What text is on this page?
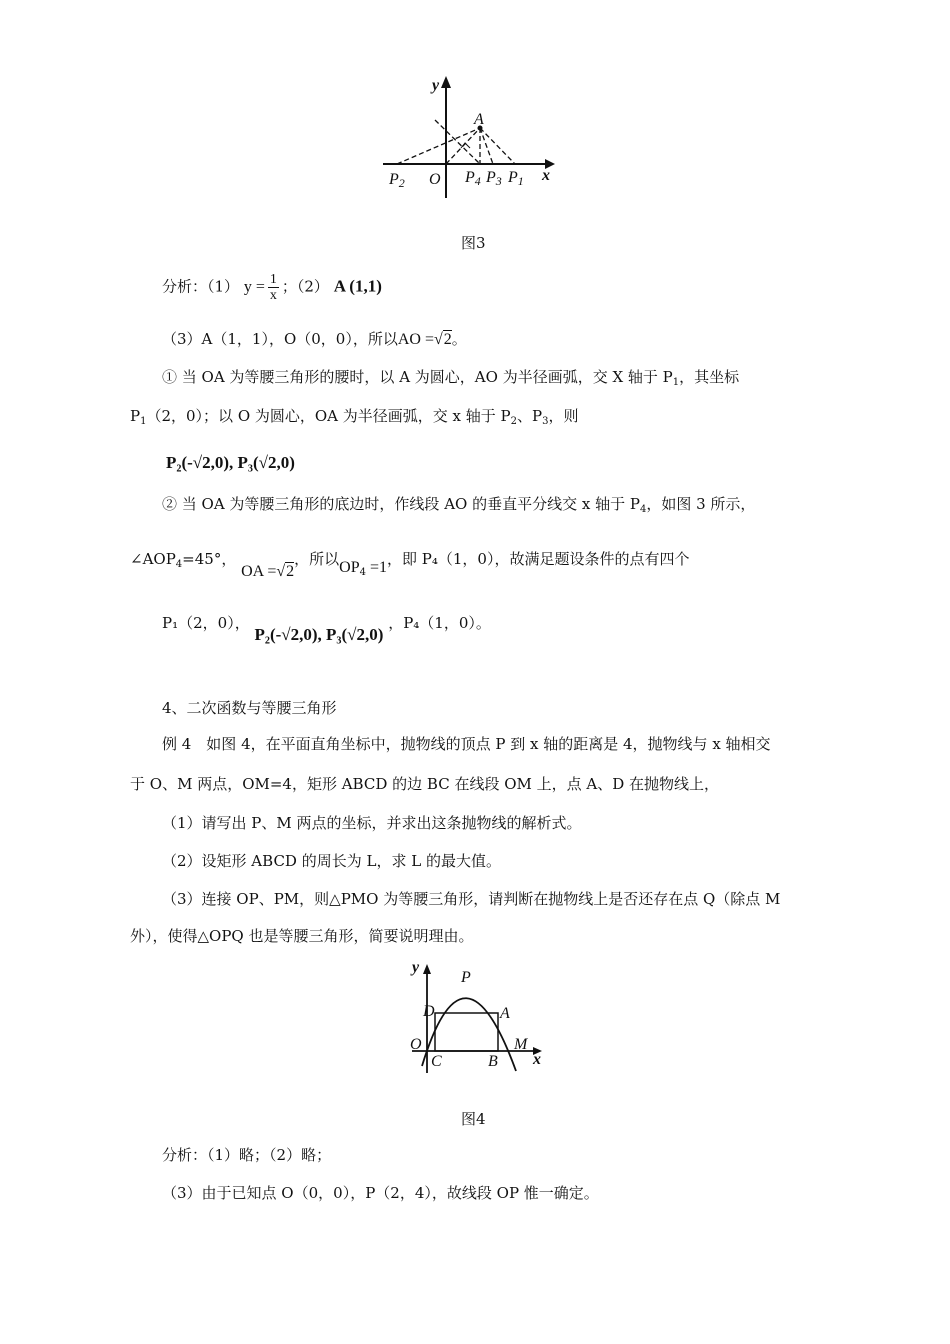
y
x
A
O
P2	P4 P3 P1
图3
分析：（1） $y = \frac{1}{x}$ ；（2） A (1,1)
（3）A（1，1），O（0，0），所以AO =√2。
① 当 OA 为等腰三角形的腰时，以 A 为圆心，AO 为半径画弧，交 X 轴于 $P_1$，其坐标
$P_1(2$，0）；以 O 为圆心，OA 为半径画弧，交 x 轴于 $P_2$、$P_3$，则
P₂(-√2,0), P₃(√2,0)
② 当 OA 为等腰三角形的底边时，作线段 AO 的垂直平分线交 x 轴于 $P_4$，如图 3 所示，
$\angle AOP_4=45^\circ$， OA =√2，所以$OP_4 =1$，即 P₄（1，0），故满足题设条件的点有四个
P₁（2，0）， P₂(-√2,0), P₃(√2,0) ，P₄（1，0）。
4、二次函数与等腰三角形
例 4　如图 4，在平面直角坐标中，抛物线的顶点 P 到 x 轴的距离是 4，抛物线与 x 轴相交
于 O、M 两点，OM=4，矩形 ABCD 的边 BC 在线段 OM 上，点 A、D 在抛物线上，
（1）请写出 P、M 两点的坐标，并求出这条抛物线的解析式。
（2）设矩形 ABCD 的周长为 L，求 L 的最大值。
（3）连接 OP、PM，则△PMO 为等腰三角形，请判断在抛物线上是否还存在点 Q（除点 M
外），使得△OPQ 也是等腰三角形，简要说明理由。
y
x
P
D	A
O
C	B
M
图4
分析：（1）略；（2）略；
（3）由于已知点 O（0，0），P（2，4），故线段 OP 惟一确定。
